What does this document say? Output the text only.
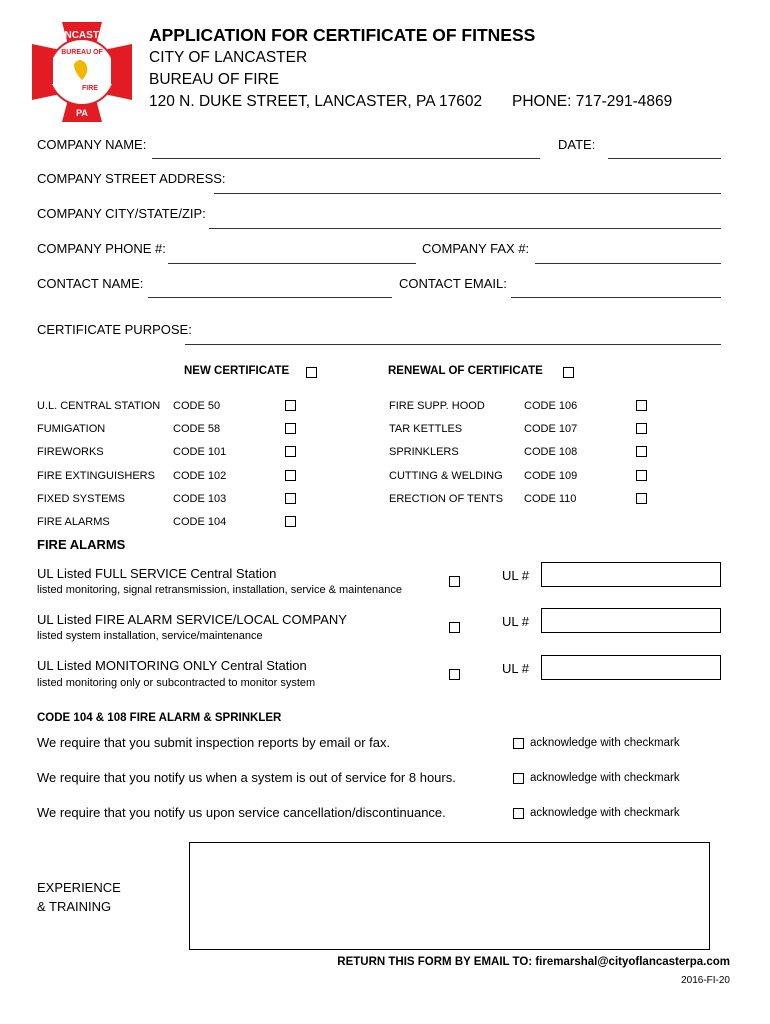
LANCASTER
BUREAU OF
FIRE
PA
APPLICATION FOR CERTIFICATE OF FITNESS
CITY OF LANCASTER
BUREAU OF FIRE
120 N. DUKE STREET, LANCASTER, PA 17602 PHONE: 717-291-4869
COMPANY NAME:	DATE:
COMPANY STREET ADDRESS:
COMPANY CITY/STATE/ZIP:
COMPANY PHONE #:	COMPANY FAX #:
CONTACT NAME:	CONTACT EMAIL:
CERTIFICATE PURPOSE:
NEW CERTIFICATE	RENEWAL OF CERTIFICATE
U.L. CENTRAL STATION CODE 50
FUMIGATION	CODE 58
FIREWORKS	CODE 101
FIRE EXTINGUISHERS CODE 102
FIXED SYSTEMS	CODE 103
FIRE ALARMS	CODE 104
FIRE SUPP. HOOD	CODE 106
TAR KETTLES	CODE 107
SPRINKLERS	CODE 108
CUTTING & WELDING CODE 109
ERECTION OF TENTS CODE 110
FIRE ALARMS
UL Listed FULL SERVICE Central Station
listed monitoring, signal retransmission, installation, service & maintenance
UL #
UL Listed FIRE ALARM SERVICE/LOCAL COMPANY
listed system installation, service/maintenance
UL #
UL Listed MONITORING ONLY Central Station
listed monitoring only or subcontracted to monitor system
UL #
CODE 104 & 108 FIRE ALARM & SPRINKLER
We require that you submit inspection reports by email or fax.	acknowledge with checkmark
We require that you notify us when a system is out of service for 8 hours.	acknowledge with checkmark
We require that you notify us upon service cancellation/discontinuance.	acknowledge with checkmark
EXPERIENCE
& TRAINING
RETURN THIS FORM BY EMAIL TO: firemarshal@cityoflancasterpa.com
2016-FI-20
